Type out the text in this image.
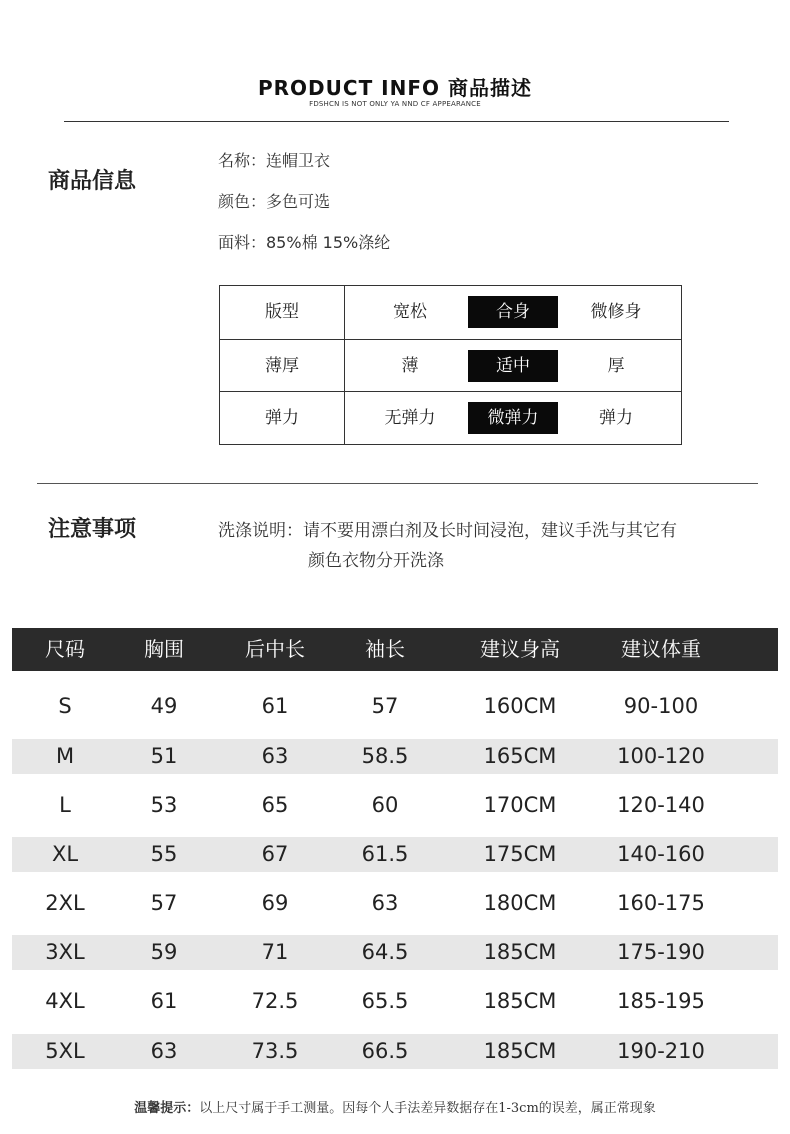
PRODUCT INFO 商品描述
FDSHCN IS NOT ONLY YA NND CF APPEARANCE
商品信息
名称：连帽卫衣
颜色：多色可选
面料：85%棉 15%涤纶
版型	宽松	合身	微修身
薄厚	薄	适中	厚
弹力	无弹力	微弹力	弹力
注意事项	洗涤说明：请不要用漂白剂及长时间浸泡，建议手洗与其它有
颜色衣物分开洗涤
尺码	胸围	后中长	袖长	建议身高	建议体重
S	49	61	57	160CM	90-100
M	51	63	58.5	165CM	100-120
L	53	65	60	170CM	120-140
XL	55	67	61.5	175CM	140-160
2XL	57	69	63	180CM	160-175
3XL	59	71	64.5	185CM	175-190
4XL	61	72.5	65.5	185CM	185-195
5XL	63	73.5	66.5	185CM	190-210
温馨提示：以上尺寸属于手工测量。因每个人手法差异数据存在1-3cm的误差，属正常现象
